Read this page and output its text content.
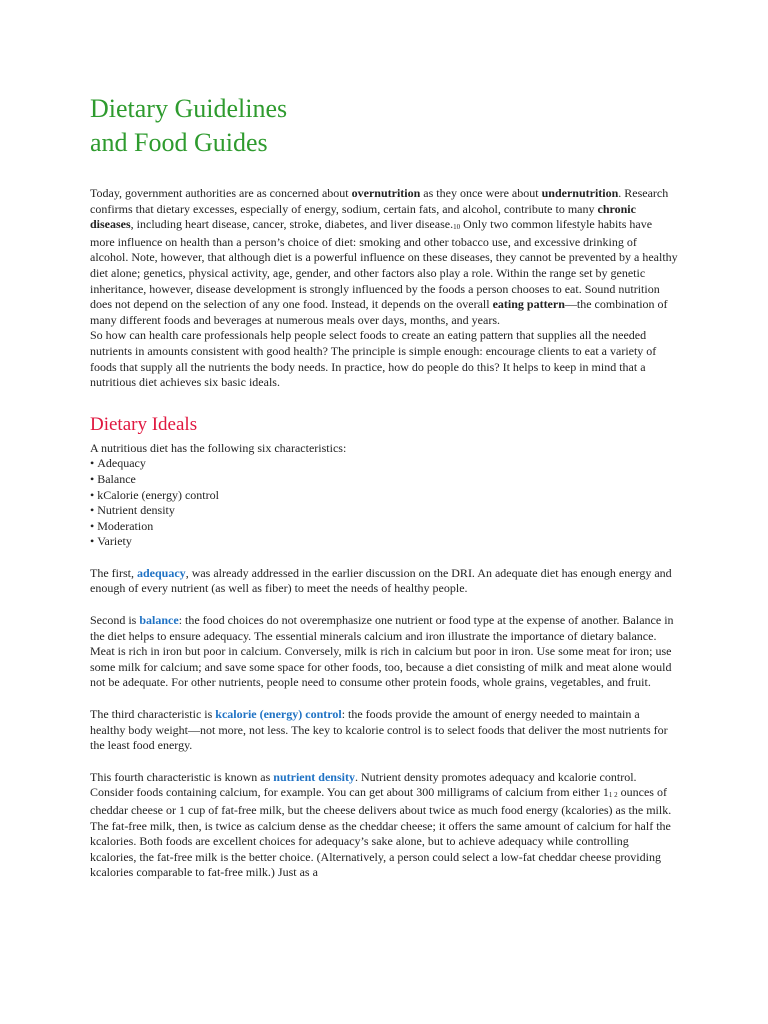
Dietary Guidelines
and Food Guides

Today, government authorities are as concerned about overnutrition as they once were about undernutrition. Research confirms that dietary excesses, especially of energy, sodium, certain fats, and alcohol, contribute to many chronic diseases, including heart disease, cancer, stroke, diabetes, and liver $disease._{10}$ Only two common lifestyle habits have more influence on health than a person’s choice of diet: smoking and other tobacco use, and excessive drinking of alcohol. Note, however, that although diet is a powerful influence on these diseases, they cannot be prevented by a healthy diet alone; genetics, physical activity, age, gender, and other factors also play a role. Within the range set by genetic inheritance, however, disease development is strongly influenced by the foods a person chooses to eat. Sound nutrition does not depend on the selection of any one food. Instead, it depends on the overall eating pattern—the combination of many different foods and beverages at numerous meals over days, months, and years.

So how can health care professionals help people select foods to create an eating pattern that supplies all the needed nutrients in amounts consistent with good health? The principle is simple enough: encourage clients to eat a variety of foods that supply all the nutrients the body needs. In practice, how do people do this? It helps to keep in mind that a nutritious diet achieves six basic ideals.

Dietary Ideals

A nutritious diet has the following six characteristics:

• Adequacy
• Balance
• kCalorie (energy) control
• Nutrient density
• Moderation
• Variety

The first, adequacy, was already addressed in the earlier discussion on the DRI. An adequate diet has enough energy and enough of every nutrient (as well as fiber) to meet the needs of healthy people.

Second is balance: the food choices do not overemphasize one nutrient or food type at the expense of another. Balance in the diet helps to ensure adequacy. The essential minerals calcium and iron illustrate the importance of dietary balance.

Meat is rich in iron but poor in calcium. Conversely, milk is rich in calcium but poor in iron. Use some meat for iron; use some milk for calcium; and save some space for other foods, too, because a diet consisting of milk and meat alone would not be adequate. For other nutrients, people need to consume other protein foods, whole grains, vegetables, and fruit.

The third characteristic is kcalorie (energy) control: the foods provide the amount of energy needed to maintain a healthy body weight—not more, not less. The key to kcalorie control is to select foods that deliver the most nutrients for the least food energy.

This fourth characteristic is known as nutrient density. Nutrient density promotes adequacy and kcalorie control. Consider foods containing calcium, for example. You can get about 300 milligrams of calcium from either $1_{1 2}$ ounces of cheddar cheese or 1 cup of fat-free milk, but the cheese delivers about twice as much food energy (kcalories) as the milk. The fat-free milk, then, is twice as calcium dense as the cheddar cheese; it offers the same amount of calcium for half the kcalories. Both foods are excellent choices for adequacy’s sake alone, but to achieve adequacy while controlling kcalories, the fat-free milk is the better choice. (Alternatively, a person could select a low-fat cheddar cheese providing kcalories comparable to fat-free milk.) Just as a
